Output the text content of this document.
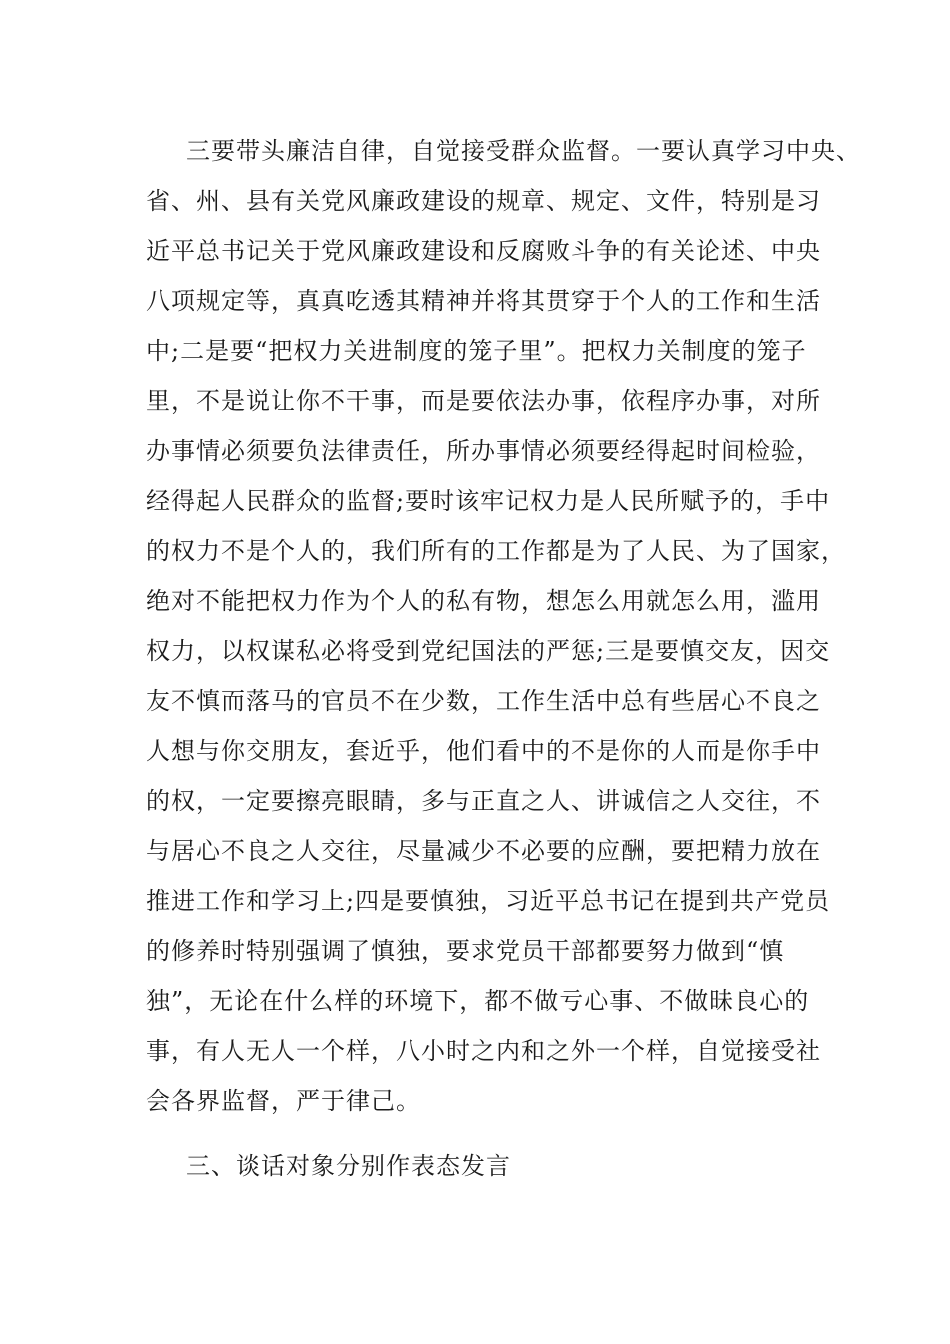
三要带头廉洁自律，自觉接受群众监督。一要认真学习中央、
省、州、县有关党风廉政建设的规章、规定、文件，特别是习
近平总书记关于党风廉政建设和反腐败斗争的有关论述、中央
八项规定等，真真吃透其精神并将其贯穿于个人的工作和生活
中;二是要“把权力关进制度的笼子里”。把权力关制度的笼子
里，不是说让你不干事，而是要依法办事，依程序办事，对所
办事情必须要负法律责任，所办事情必须要经得起时间检验，
经得起人民群众的监督;要时该牢记权力是人民所赋予的，手中
的权力不是个人的，我们所有的工作都是为了人民、为了国家，
绝对不能把权力作为个人的私有物，想怎么用就怎么用，滥用
权力，以权谋私必将受到党纪国法的严惩;三是要慎交友，因交
友不慎而落马的官员不在少数，工作生活中总有些居心不良之
人想与你交朋友，套近乎，他们看中的不是你的人而是你手中
的权，一定要擦亮眼睛，多与正直之人、讲诚信之人交往，不
与居心不良之人交往，尽量减少不必要的应酬，要把精力放在
推进工作和学习上;四是要慎独，习近平总书记在提到共产党员
的修养时特别强调了慎独，要求党员干部都要努力做到“慎
独”，无论在什么样的环境下，都不做亏心事、不做昧良心的
事，有人无人一个样，八小时之内和之外一个样，自觉接受社
会各界监督，严于律己。
三、谈话对象分别作表态发言
